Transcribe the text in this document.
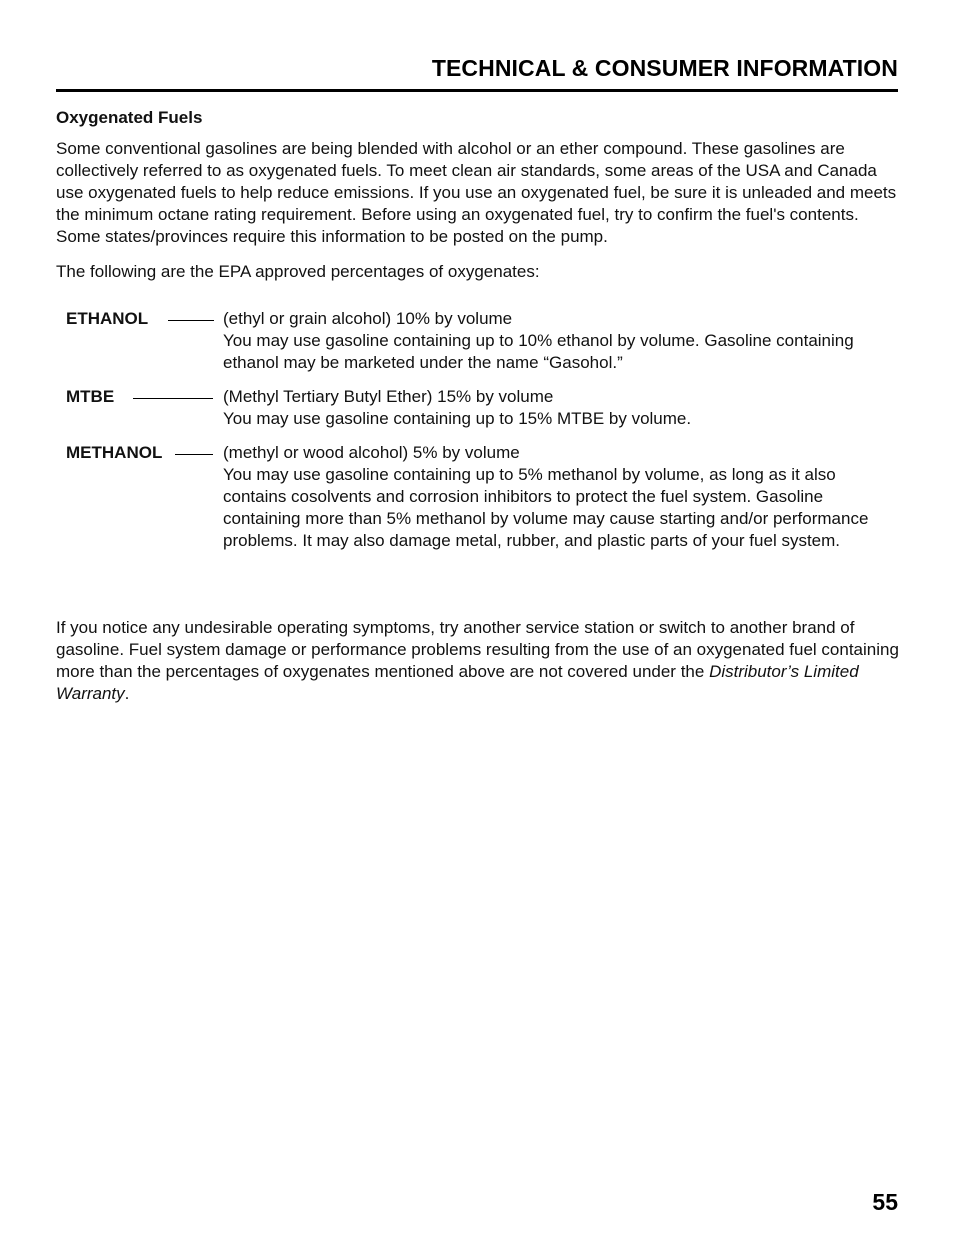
TECHNICAL & CONSUMER INFORMATION
Oxygenated Fuels

Some conventional gasolines are being blended with alcohol or an ether compound. These gasolines are collectively referred to as oxygenated fuels. To meet clean air standards, some areas of the USA and Canada use oxygenated fuels to help reduce emissions. If you use an oxygenated fuel, be sure it is unleaded and meets the minimum octane rating requirement. Before using an oxygenated fuel, try to confirm the fuel's contents. Some states/provinces require this information to be posted on the pump.

The following are the EPA approved percentages of oxygenates:

ETHANOL	(ethyl or grain alcohol) 10% by volume

You may use gasoline containing up to 10% ethanol by volume. Gasoline containing ethanol may be marketed under the name “Gasohol.”

MTBE	(Methyl Tertiary Butyl Ether) 15% by volume

You may use gasoline containing up to 15% MTBE by volume.

METHANOL	(methyl or wood alcohol) 5% by volume

You may use gasoline containing up to 5% methanol by volume, as long as it also contains cosolvents and corrosion inhibitors to protect the fuel system. Gasoline containing more than 5% methanol by volume may cause starting and/or performance problems. It may also damage metal, rubber, and plastic parts of your fuel system.

If you notice any undesirable operating symptoms, try another service station or switch to another brand of gasoline. Fuel system damage or performance problems resulting from the use of an oxygenated fuel containing more than the percentages of oxygenates mentioned above are not covered under the Distributor’s Limited Warranty.

55
